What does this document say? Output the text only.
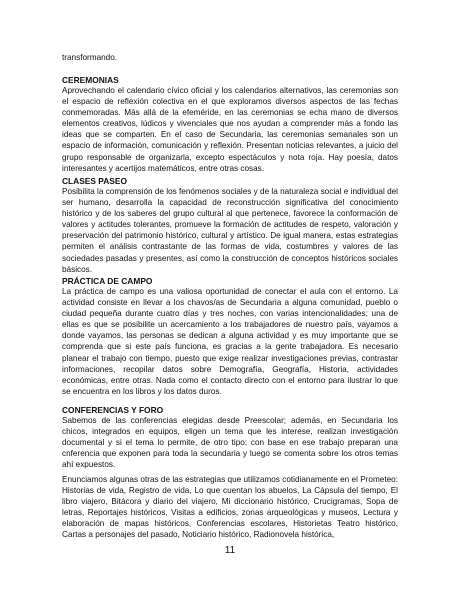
transformando.

CEREMONIAS

Aprovechando el calendario cívico oficial y los calendarios alternativos, las ceremonias son el espacio de reflexión colectiva en el que exploramos diversos aspectos de las fechas conmemoradas. Más allá de la efeméride, en las ceremonias se echa mano de diversos elementos creativos, lúdicos y vivenciales que nos ayudan a comprender más a fondo las ideas que se comparten. En el caso de Secundaria, las ceremonias semanales son un espacio de información, comunicación y reflexión. Presentan noticias relevantes, a juicio del grupo responsable de organizarla, excepto espectáculos y nota roja. Hay poesía, datos interesantes y acertijos matemáticos, entre otras cosas.

CLASES PASEO

Posibilita la comprensión de los fenómenos sociales y de la naturaleza social e individual del ser humano, desarrolla la capacidad de reconstrucción significativa del conocimiento histórico y de los saberes del grupo cultural al que pertenece, favorece la conformación de valores y actitudes tolerantes, promueve la formación de actitudes de respeto, valoración y preservación del patrimonio histórico, cultural y artístico. De igual manera, estas estrategias permiten el análisis contrastante de las formas de vida, costumbres y valores de las sociedades pasadas y presentes, así como la construcción de conceptos históricos sociales básicos.

PRÁCTICA DE CAMPO

La práctica de campo es una valiosa oportunidad de conectar el aula con el entorno. La actividad consiste en llevar a los chavos/as de Secundaria a alguna comunidad, pueblo o ciudad pequeña durante cuatro días y tres noches, con varias intencionalidades; una de ellas es que se posibilite un acercamiento a los trabajadores de nuestro país, vayamos a donde vayamos, las personas se dedican a alguna actividad y es muy importante que se comprenda que si este país funciona, es gracias a la gente trabajadora. Es necesario planear el trabajo con tiempo, puesto que exige realizar investigaciones previas, contrastar informaciones, recopilar datos sobre Demografía, Geografía, Historia, actividades económicas, entre otras. Nada como el contacto directo con el entorno para ilustrar lo que se encuentra en los libros y los datos duros.

CONFERENCIAS Y FORO

Sabemos de las conferencias elegidas desde Preescolar; además, en Secundaria los chicos, integrados en equipos, eligen un tema que les interese, realizan investigación documental y si el tema lo permite, de otro tipo; con base en ese trabajo preparan una cnferencia que exponen para toda la secundaria y luego se comenta sobre los otros temas ahí expuestos.

Enunciamos algunas otras de las estrategias que utilizamos cotidianamente en el Prometeo: Historias de vida, Registro de vida, Lo que cuentan los abuelos, La Cápsula del tiempo, El libro viajero, Bitácora y diario del viajero, Mi diccionario histórico, Crucigramas, Sopa de letras, Reportajes históricos, Visitas a edificios, zonas arqueológicas y museos, Lectura y elaboración de mapas históricos, Conferencias escolares, Historietas Teatro histórico, Cartas a personajes del pasado, Noticiario histórico, Radionovela histórica,

11
